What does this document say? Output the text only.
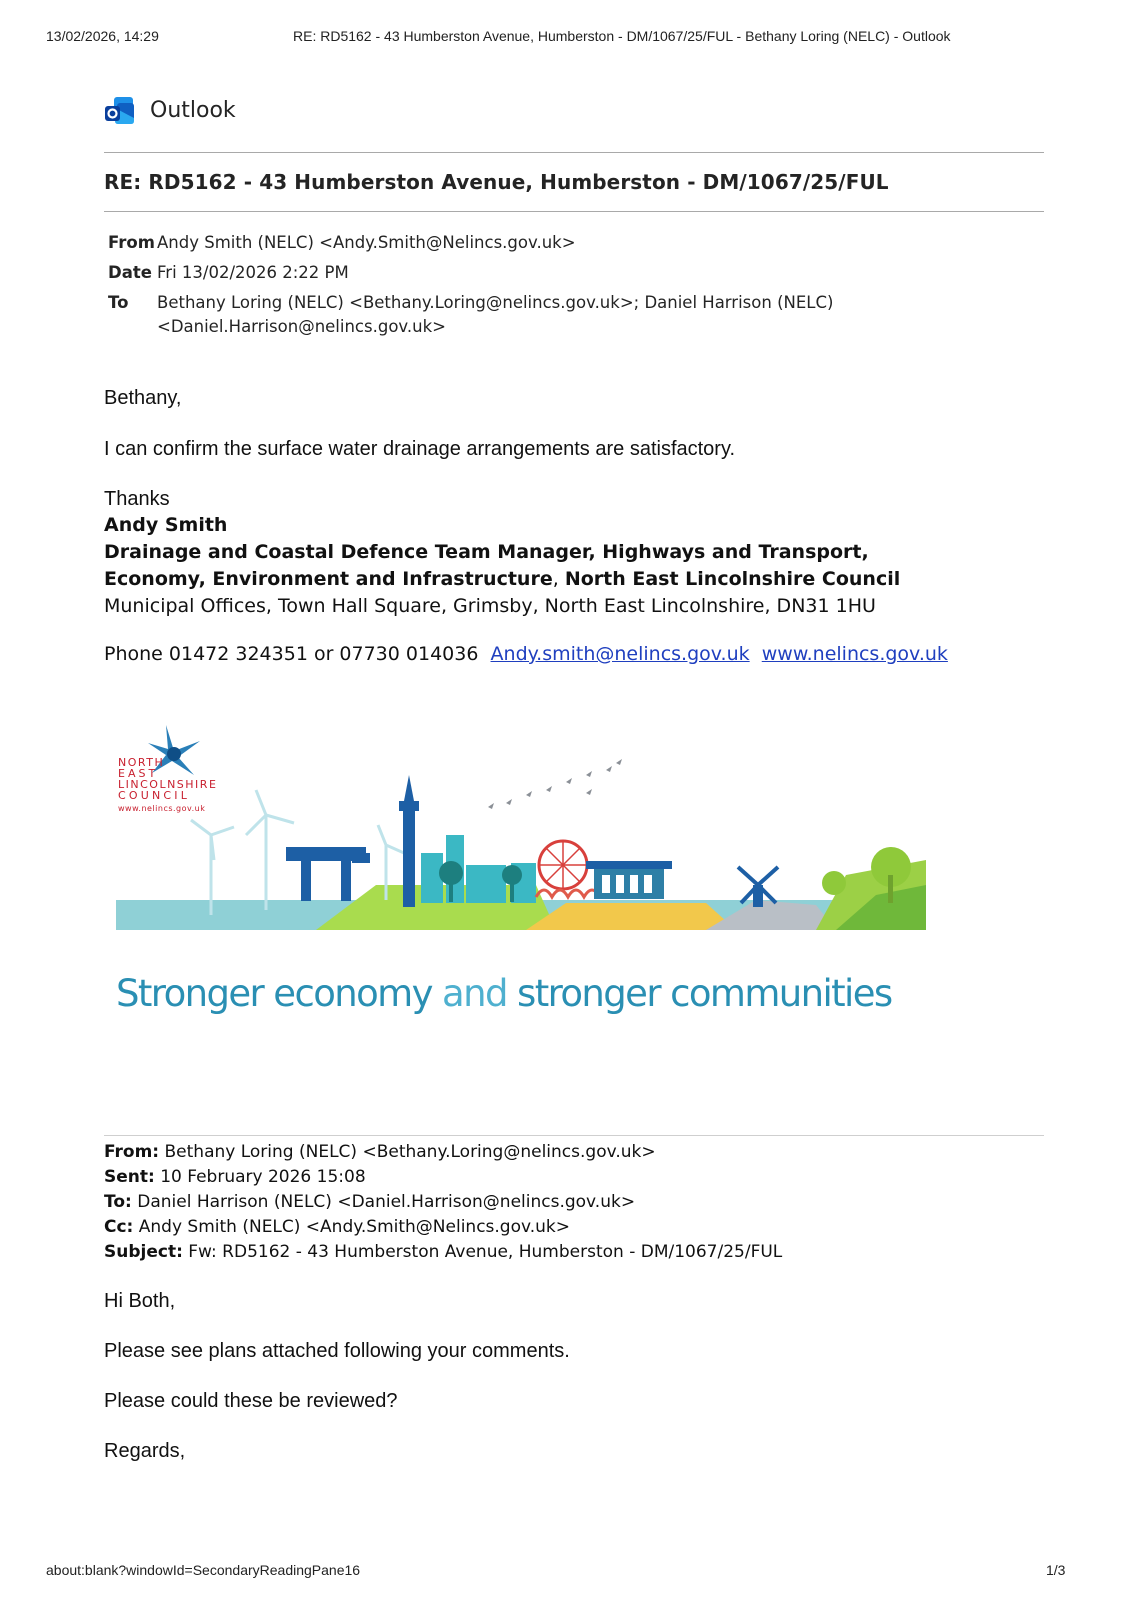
13/02/2026, 14:29	RE: RD5162 - 43 Humberston Avenue, Humberston - DM/1067/25/FUL - Bethany Loring (NELC) - Outlook
Outlook
RE: RD5162 - 43 Humberston Avenue, Humberston - DM/1067/25/FUL
From Andy Smith (NELC) <Andy.Smith@Nelincs.gov.uk>
Date Fri 13/02/2026 2:22 PM
To Bethany Loring (NELC) <Bethany.Loring@nelincs.gov.uk>; Daniel Harrison (NELC)
<Daniel.Harrison@nelincs.gov.uk>
Bethany,
I can confirm the surface water drainage arrangements are satisfactory.
Thanks
Andy Smith
Drainage and Coastal Defence Team Manager, Highways and Transport,
Economy, Environment and Infrastructure, North East Lincolnshire Council
Municipal Offices, Town Hall Square, Grimsby, North East Lincolnshire, DN31 1HU
Phone 01472 324351 or 07730 014036 Andy.smith@nelincs.gov.uk www.nelincs.gov.uk
NORTH
EAST
LINCOLNSHIRE
COUNCIL
www.nelincs.gov.uk
Stronger economy and stronger communities
From: Bethany Loring (NELC) <Bethany.Loring@nelincs.gov.uk>
Sent: 10 February 2026 15:08
To: Daniel Harrison (NELC) <Daniel.Harrison@nelincs.gov.uk>
Cc: Andy Smith (NELC) <Andy.Smith@Nelincs.gov.uk>
Subject: Fw: RD5162 - 43 Humberston Avenue, Humberston - DM/1067/25/FUL
Hi Both,
Please see plans attached following your comments.
Please could these be reviewed?
Regards,
about:blank?windowId=SecondaryReadingPane16	1/3
